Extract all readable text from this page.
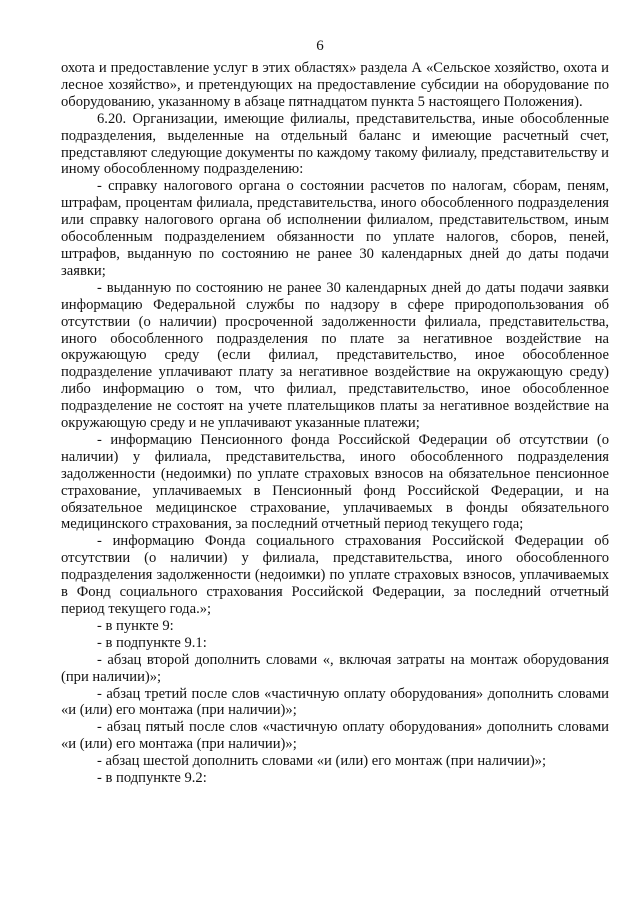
6

охота и предоставление услуг в этих областях» раздела А «Сельское хозяйство, охота и лесное хозяйство», и претендующих на предоставление субсидии на оборудование по оборудованию, указанному в абзаце пятнадцатом пункта 5 настоящего Положения).

6.20. Организации, имеющие филиалы, представительства, иные обособленные подразделения, выделенные на отдельный баланс и имеющие расчетный счет, представляют следующие документы по каждому такому филиалу, представительству и иному обособленному подразделению:

- справку налогового органа о состоянии расчетов по налогам, сборам, пеням, штрафам, процентам филиала, представительства, иного обособленного подразделения или справку налогового органа об исполнении филиалом, представительством, иным обособленным подразделением обязанности по уплате налогов, сборов, пеней, штрафов, выданную по состоянию не ранее 30 календарных дней до даты подачи заявки;

- выданную по состоянию не ранее 30 календарных дней до даты подачи заявки информацию Федеральной службы по надзору в сфере природопользования об отсутствии (о наличии) просроченной задолженности филиала, представительства, иного обособленного подразделения по плате за негативное воздействие на окружающую среду (если филиал, представительство, иное обособленное подразделение уплачивают плату за негативное воздействие на окружающую среду) либо информацию о том, что филиал, представительство, иное обособленное подразделение не состоят на учете плательщиков платы за негативное воздействие на окружающую среду и не уплачивают указанные платежи;

- информацию Пенсионного фонда Российской Федерации об отсутствии (о наличии) у филиала, представительства, иного обособленного подразделения задолженности (недоимки) по уплате страховых взносов на обязательное пенсионное страхование, уплачиваемых в Пенсионный фонд Российской Федерации, и на обязательное медицинское страхование, уплачиваемых в фонды обязательного медицинского страхования, за последний отчетный период текущего года;

- информацию Фонда социального страхования Российской Федерации об отсутствии (о наличии) у филиала, представительства, иного обособленного подразделения задолженности (недоимки) по уплате страховых взносов, уплачиваемых в Фонд социального страхования Российской Федерации, за последний отчетный период текущего года.»;

- в пункте 9:

- в подпункте 9.1:

- абзац второй дополнить словами «, включая затраты на монтаж оборудования (при наличии)»;

- абзац третий после слов «частичную оплату оборудования» дополнить словами «и (или) его монтажа (при наличии)»;

- абзац пятый после слов «частичную оплату оборудования» дополнить словами «и (или) его монтажа (при наличии)»;

- абзац шестой дополнить словами «и (или) его монтаж (при наличии)»;

- в подпункте 9.2:
